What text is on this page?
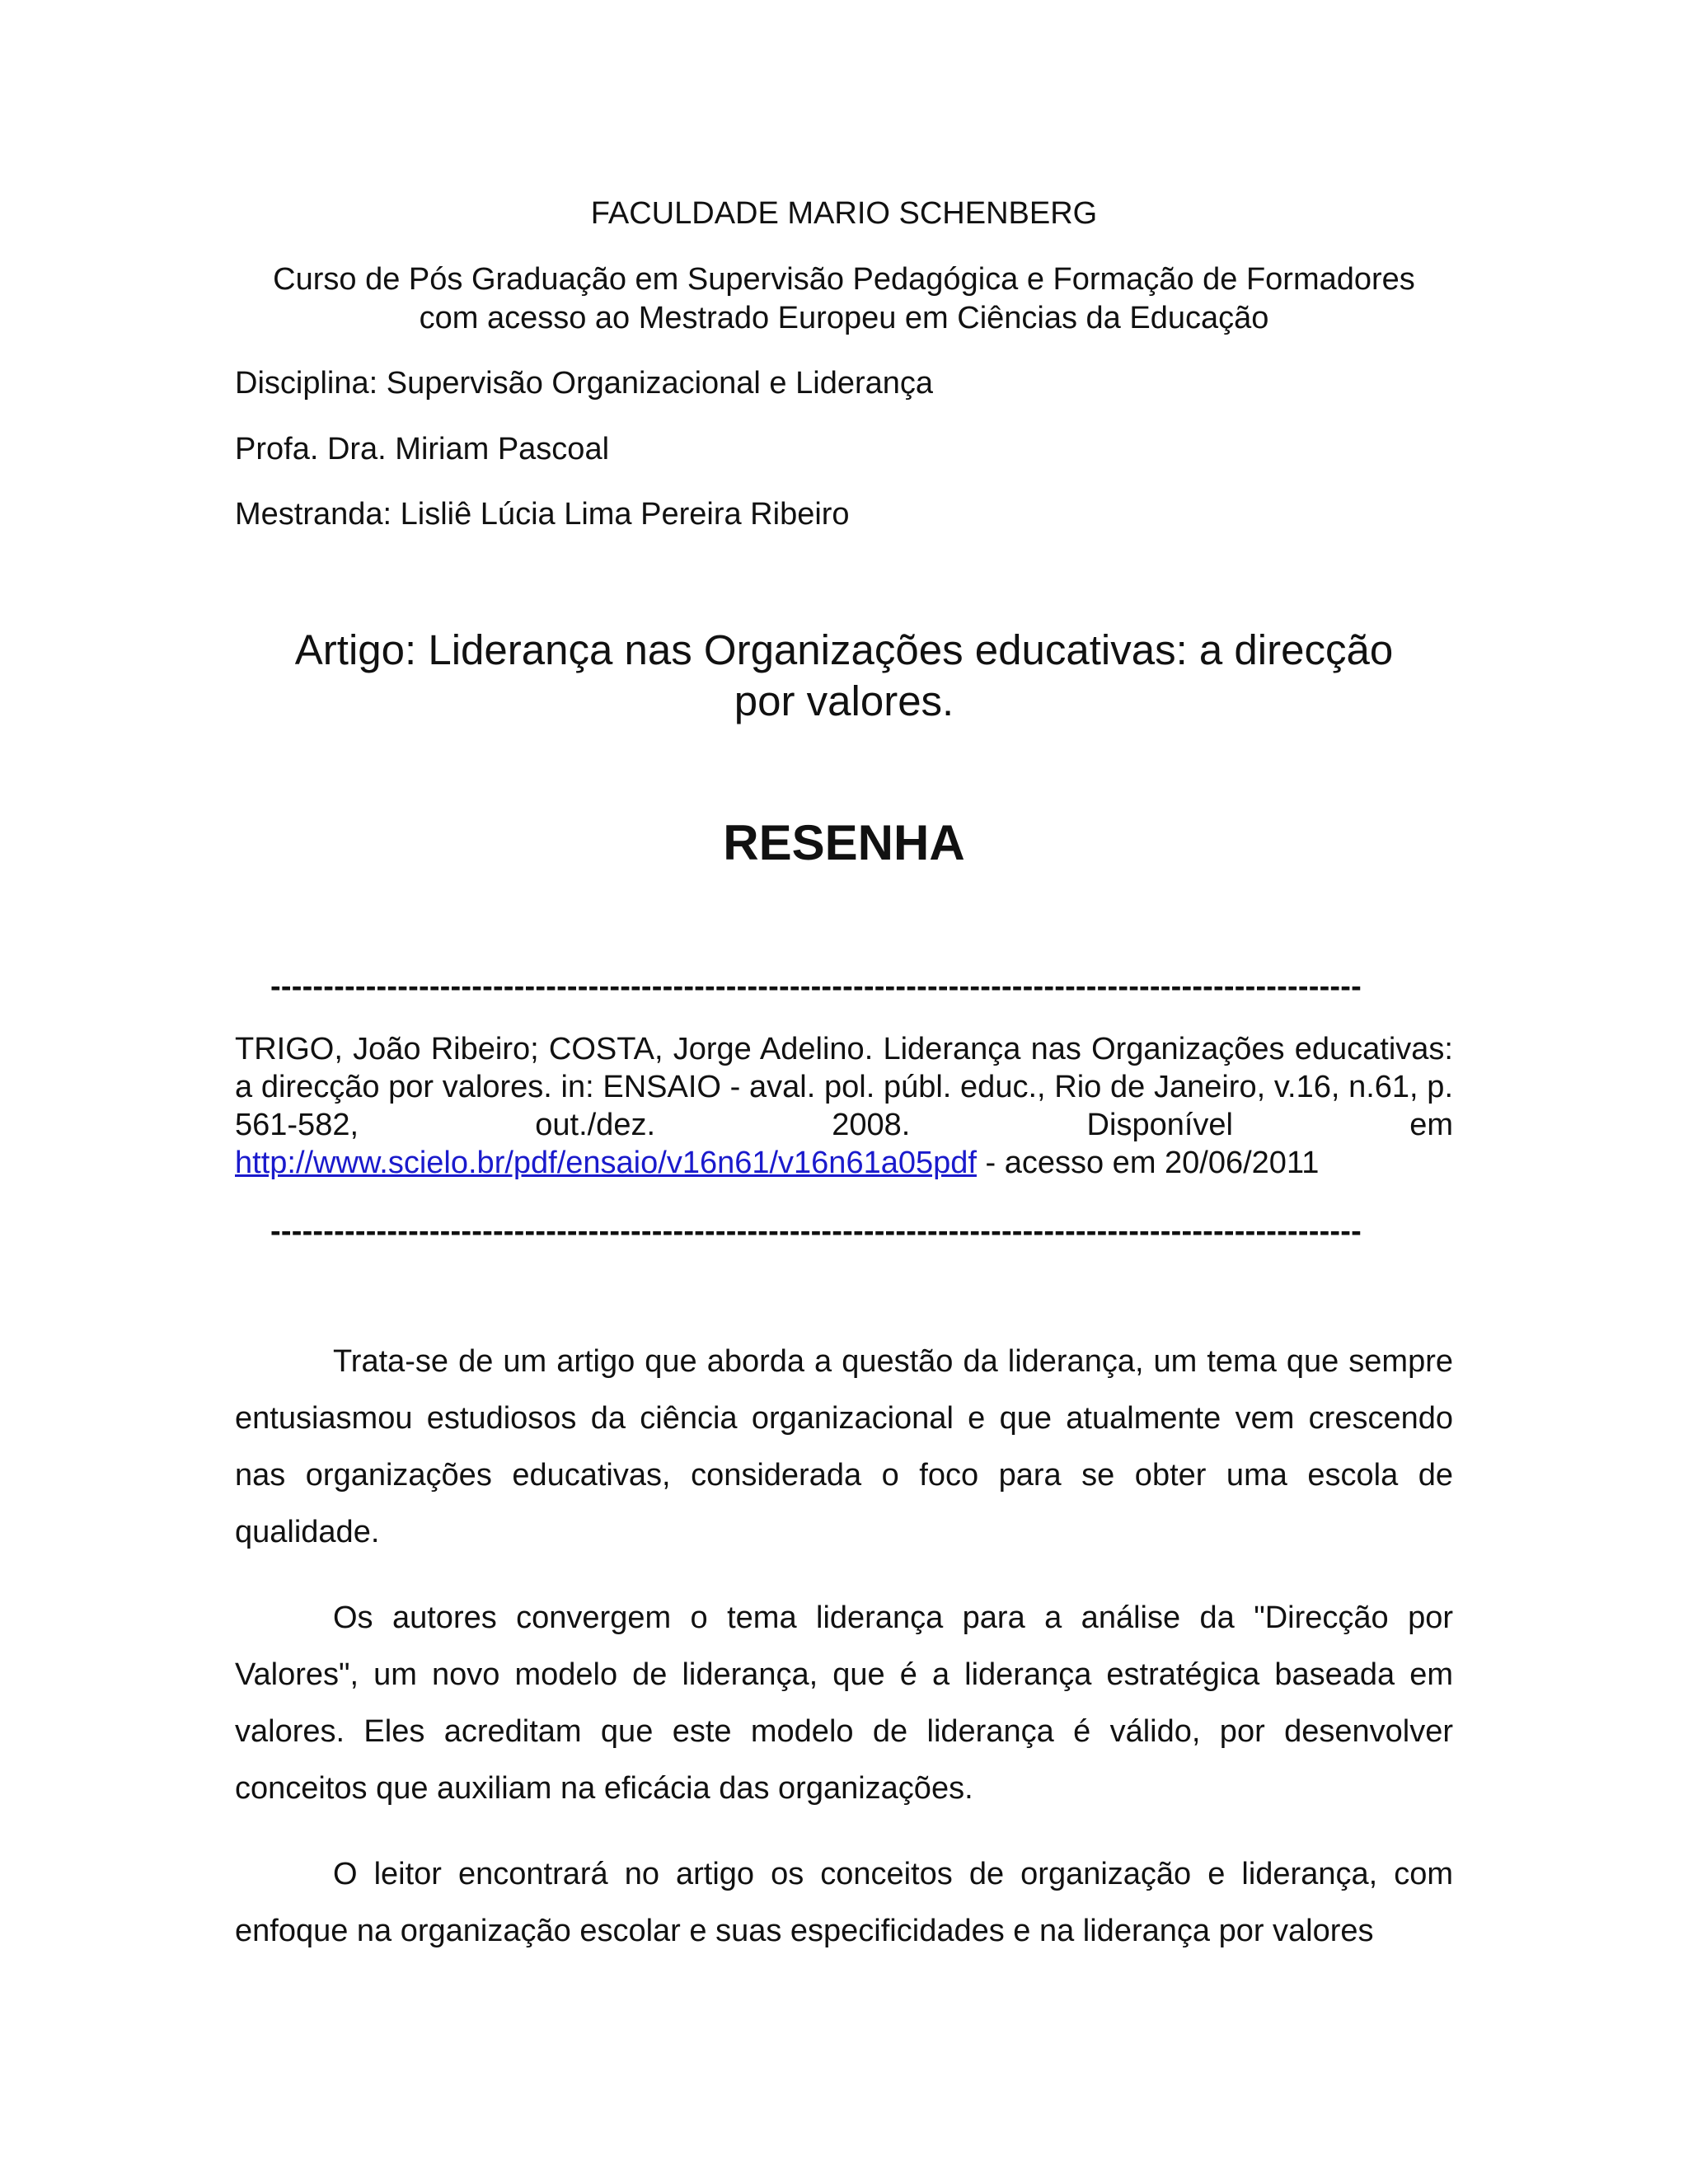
FACULDADE MARIO SCHENBERG
Curso de Pós Graduação em Supervisão Pedagógica e Formação de Formadores
com acesso ao Mestrado Europeu em Ciências da Educação
Disciplina: Supervisão Organizacional e Liderança
Profa. Dra. Miriam Pascoal
Mestranda: Lisliê Lúcia Lima Pereira Ribeiro
Artigo: Liderança nas Organizações educativas: a direcção
por valores.
RESENHA
-------------------------------------------------------------------------------------------------------
TRIGO, João Ribeiro; COSTA, Jorge Adelino. Liderança nas Organizações educativas: a direcção por valores. in: ENSAIO - aval. pol. públ. educ., Rio de Janeiro, v.16, n.61, p. 561-582, out./dez. 2008. Disponível em http://www.scielo.br/pdf/ensaio/v16n61/v16n61a05pdf - acesso em 20/06/2011
-------------------------------------------------------------------------------------------------------

Trata-se de um artigo que aborda a questão da liderança, um tema que sempre entusiasmou estudiosos da ciência organizacional e que atualmente vem crescendo nas organizações educativas, considerada o foco para se obter uma escola de qualidade.

Os autores convergem o tema liderança para a análise da "Direcção por Valores", um novo modelo de liderança, que é a liderança estratégica baseada em valores. Eles acreditam que este modelo de liderança é válido, por desenvolver conceitos que auxiliam na eficácia das organizações.

O leitor encontrará no artigo os conceitos de organização e liderança, com enfoque na organização escolar e suas especificidades e na liderança por valores
